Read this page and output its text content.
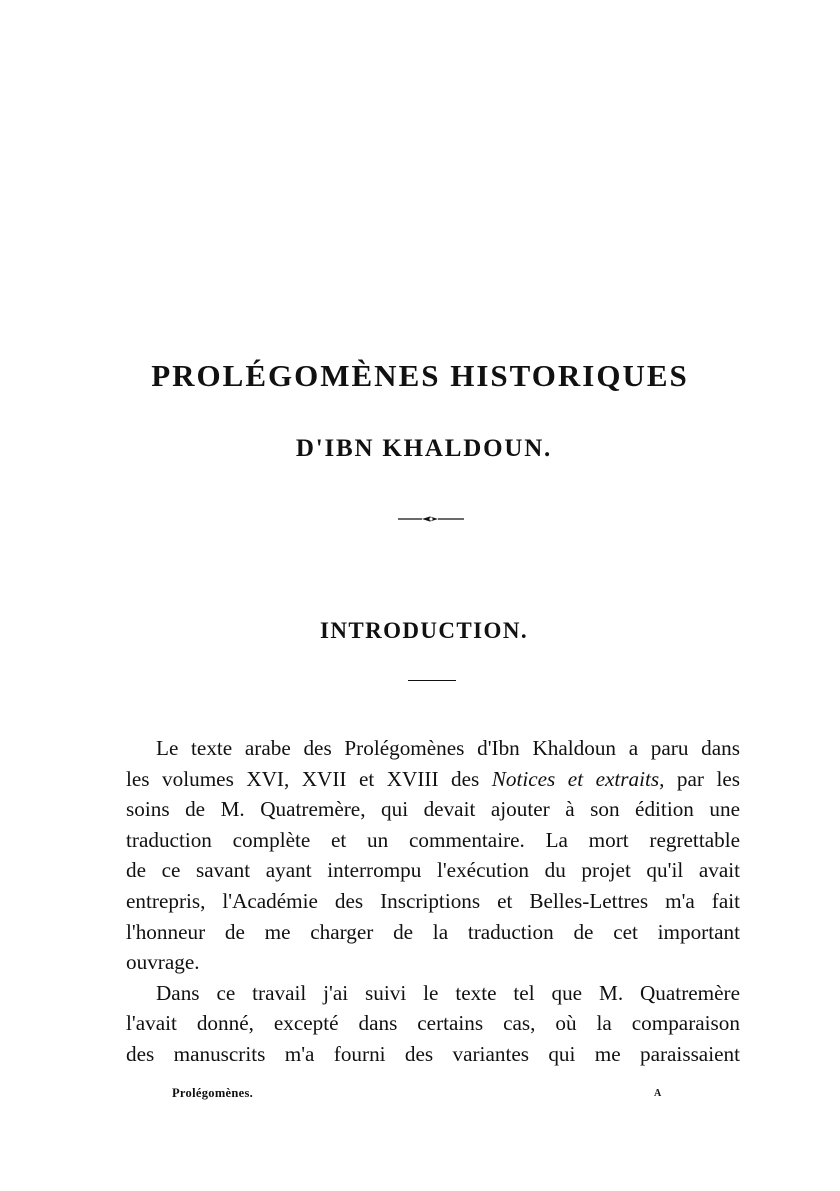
PROLÉGOMÈNES HISTORIQUES
D'IBN KHALDOUN.
INTRODUCTION.
Le texte arabe des Prolégomènes d'Ibn Khaldoun a paru dans
les volumes XVI, XVII et XVIII des Notices et extraits, par les
soins de M. Quatremère, qui devait ajouter à son édition une
traduction complète et un commentaire. La mort regrettable
de ce savant ayant interrompu l'exécution du projet qu'il avait
entrepris, l'Académie des Inscriptions et Belles-Lettres m'a fait
l'honneur de me charger de la traduction de cet important
ouvrage.
Dans ce travail j'ai suivi le texte tel que M. Quatremère
l'avait donné, excepté dans certains cas, où la comparaison
des manuscrits m'a fourni des variantes qui me paraissaient
Prolégomènes.	A
